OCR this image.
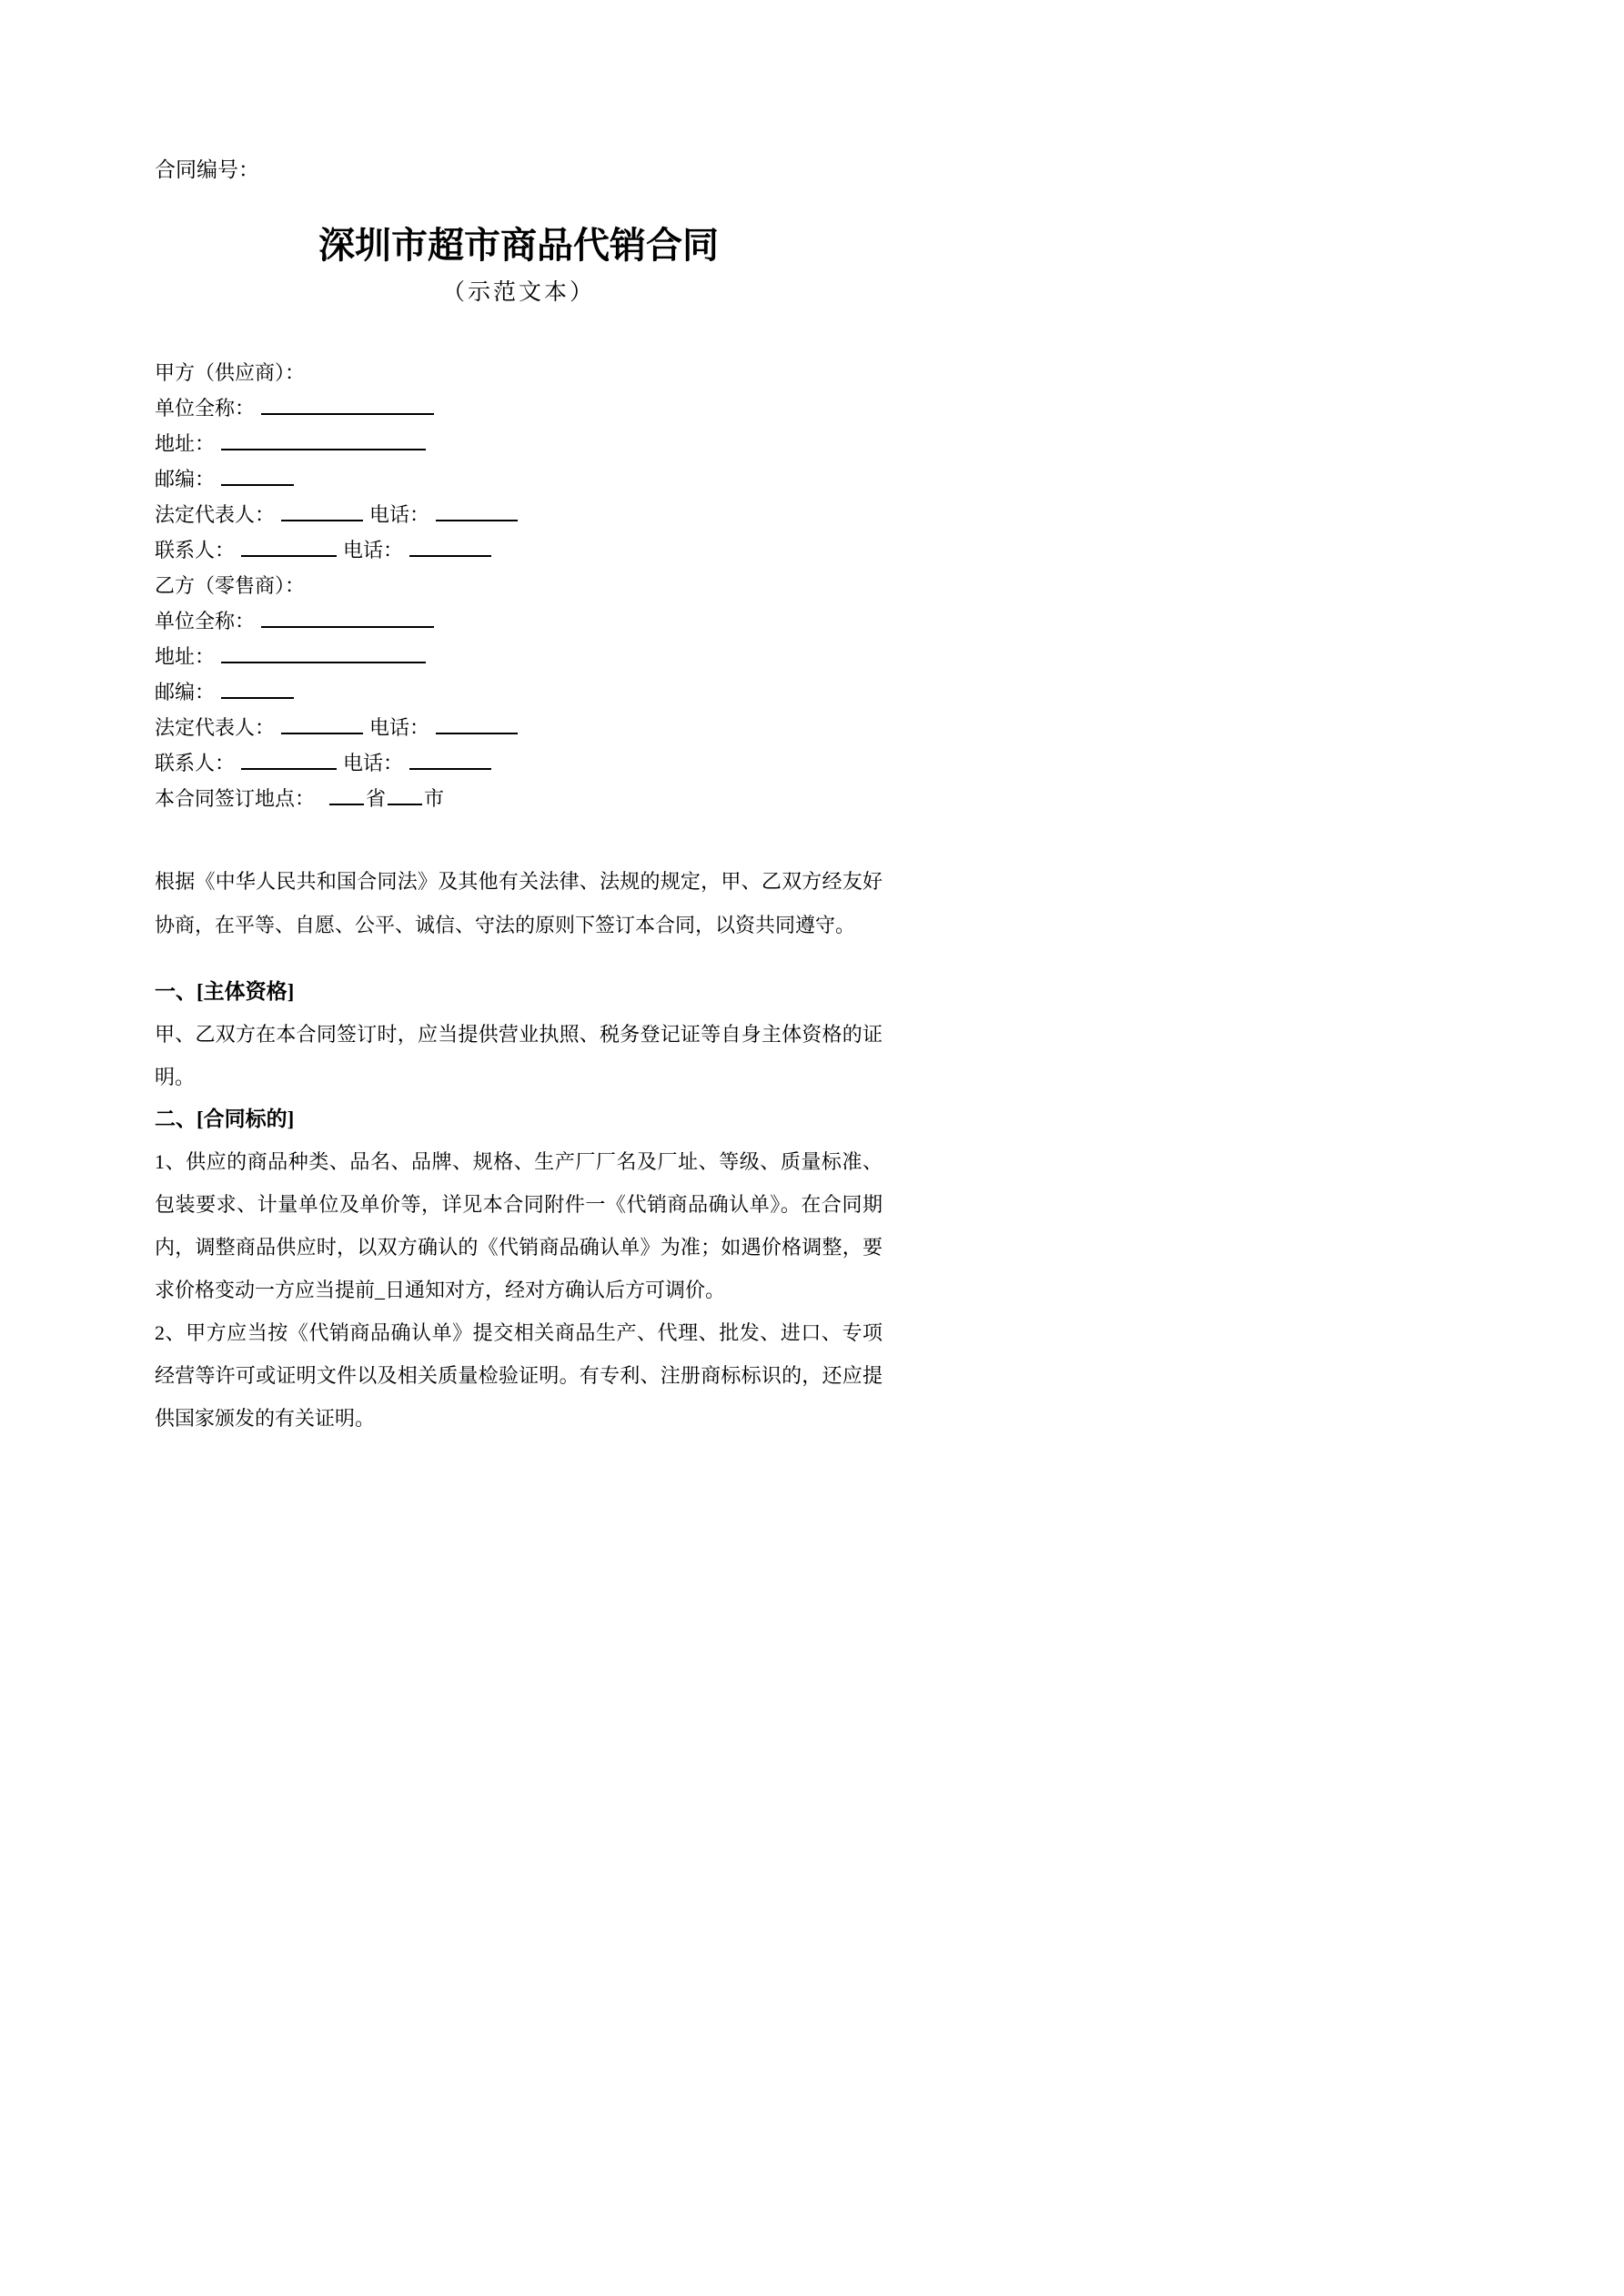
合同编号：
深圳市超市商品代销合同
（示范文本）
甲方（供应商）：
单位全称：
地址：
邮编：
法定代表人：	电话：
联系人：	电话：
乙方（零售商）：
单位全称：
地址：
邮编：
法定代表人：	电话：
联系人：	电话：
本合同签订地点：	省 市

根据《中华人民共和国合同法》及其他有关法律、法规的规定，甲、乙双方经友好协商，在平等、自愿、公平、诚信、守法的原则下签订本合同，以资共同遵守。

一、[主体资格]

甲、乙双方在本合同签订时，应当提供营业执照、税务登记证等自身主体资格的证明。

二、[合同标的]

1、供应的商品种类、品名、品牌、规格、生产厂厂名及厂址、等级、质量标准、包装要求、计量单位及单价等，详见本合同附件一《代销商品确认单》。在合同期内，调整商品供应时，以双方确认的《代销商品确认单》为准；如遇价格调整，要求价格变动一方应当提前_日通知对方，经对方确认后方可调价。

2、甲方应当按《代销商品确认单》提交相关商品生产、代理、批发、进口、专项经营等许可或证明文件以及相关质量检验证明。有专利、注册商标标识的，还应提供国家颁发的有关证明。
